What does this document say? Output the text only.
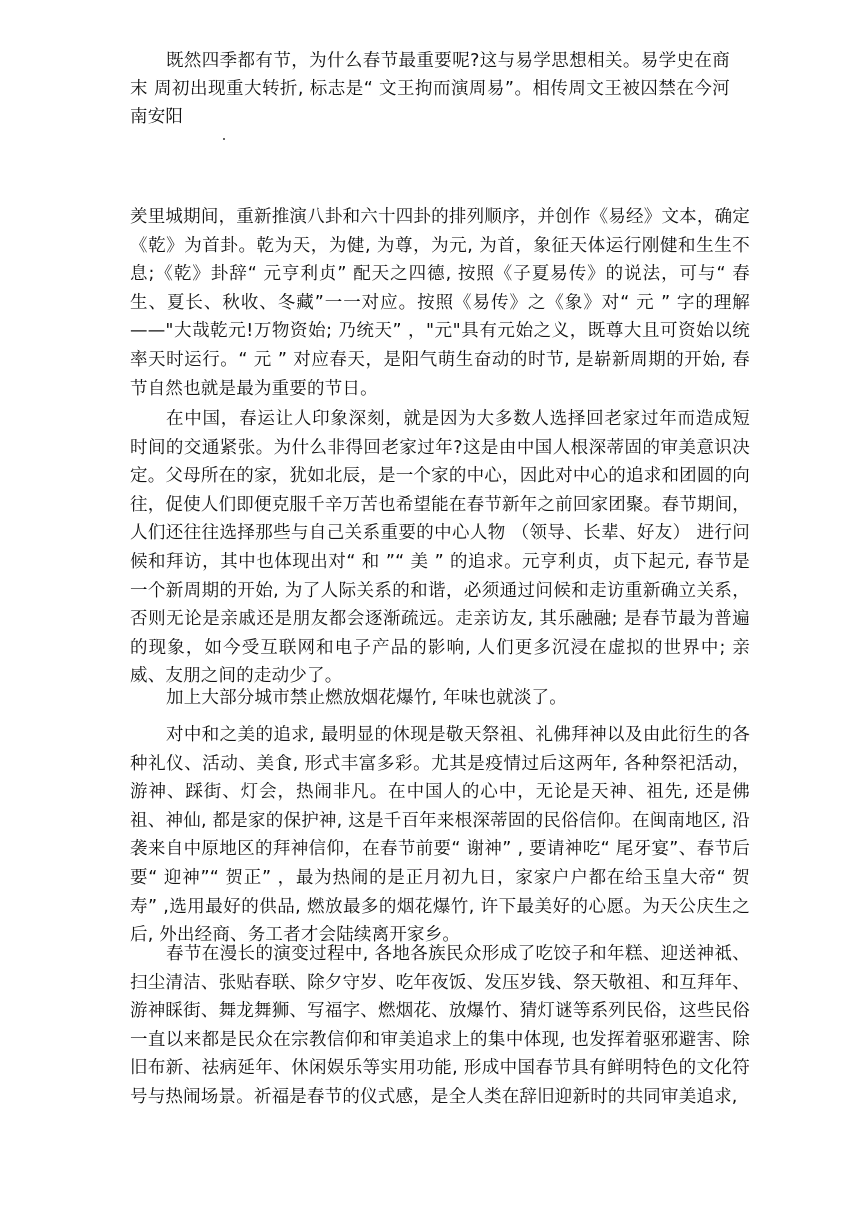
既然四季都有节，为什么春节最重要呢?这与易学思想相关。易学史在商末 周初出现重大转折, 标志是“ 文王拘而演周易”。相传周文王被囚禁在今河南安阳

羑里城期间，重新推演八卦和六十四卦的排列顺序，并创作《易经》文本，确定《乾》为首卦。乾为天，为健, 为尊，为元, 为首，象征天体运行刚健和生生不息;《乾》卦辞“ 元亨利贞” 配天之四德, 按照《子夏易传》的说法，可与“ 春生、夏长、秋收、冬藏”一一对应。按照《易传》之《象》对“ 元 ” 字的理解——"大哉乾元!万物资始; 乃统天” ，"元"具有元始之义，既尊大且可资始以统率天时运行。“ 元 ” 对应春天，是阳气萌生奋动的时节, 是崭新周期的开始, 春节自然也就是最为重要的节日。

在中国，春运让人印象深刻，就是因为大多数人选择回老家过年而造成短时间的交通紧张。为什么非得回老家过年?这是由中国人根深蒂固的审美意识决定。父母所在的家，犹如北辰，是一个家的中心，因此对中心的追求和团圆的向往，促使人们即便克服千辛万苦也希望能在春节新年之前回家团聚。春节期间，人们还往往选择那些与自己关系重要的中心人物 （领导、长辈、好友） 进行问候和拜访，其中也体现出对“ 和 ”“ 美 ” 的追求。元亨利贞，贞下起元, 春节是一个新周期的开始, 为了人际关系的和谐，必须通过问候和走访重新确立关系，否则无论是亲戚还是朋友都会逐渐疏远。走亲访友, 其乐融融; 是春节最为普遍的现象，如今受互联网和电子产品的影响, 人们更多沉浸在虚拟的世界中; 亲威、友朋之间的走动少了。

加上大部分城市禁止燃放烟花爆竹, 年味也就淡了。

对中和之美的追求, 最明显的休现是敬天祭祖、礼佛拜神以及由此衍生的各种礼仪、活动、美食, 形式丰富多彩。尤其是疫情过后这两年, 各种祭祀活动，游神、踩街、灯会，热闹非凡。在中国人的心中，无论是天神、祖先, 还是佛祖、神仙, 都是家的保护神, 这是千百年来根深蒂固的民俗信仰。在闽南地区, 沿袭来自中原地区的拜神信仰，在春节前要“ 谢神” , 要请神吃“ 尾牙宴”、春节后要“ 迎神”“ 贺正” ，最为热闹的是正月初九日，家家户户都在给玉皇大帝“ 贺寿” ,选用最好的供品, 燃放最多的烟花爆竹, 许下最美好的心愿。为天公庆生之后, 外出经商、务工者才会陆续离开家乡。

春节在漫长的演变过程中, 各地各族民众形成了吃饺子和年糕、迎送神祗、扫尘清洁、张贴春联、除夕守岁、吃年夜饭、发压岁钱、祭天敬祖、和互拜年、游神睬街、舞龙舞狮、写福字、燃烟花、放爆竹、猜灯谜等系列民俗，这些民俗一直以来都是民众在宗教信仰和审美追求上的集中体现, 也发挥着驱邪避害、除旧布新、祛病延年、休闲娱乐等实用功能, 形成中国春节具有鲜明特色的文化符号与热闹场景。祈福是春节的仪式感，是全人类在辞旧迎新时的共同审美追求,
